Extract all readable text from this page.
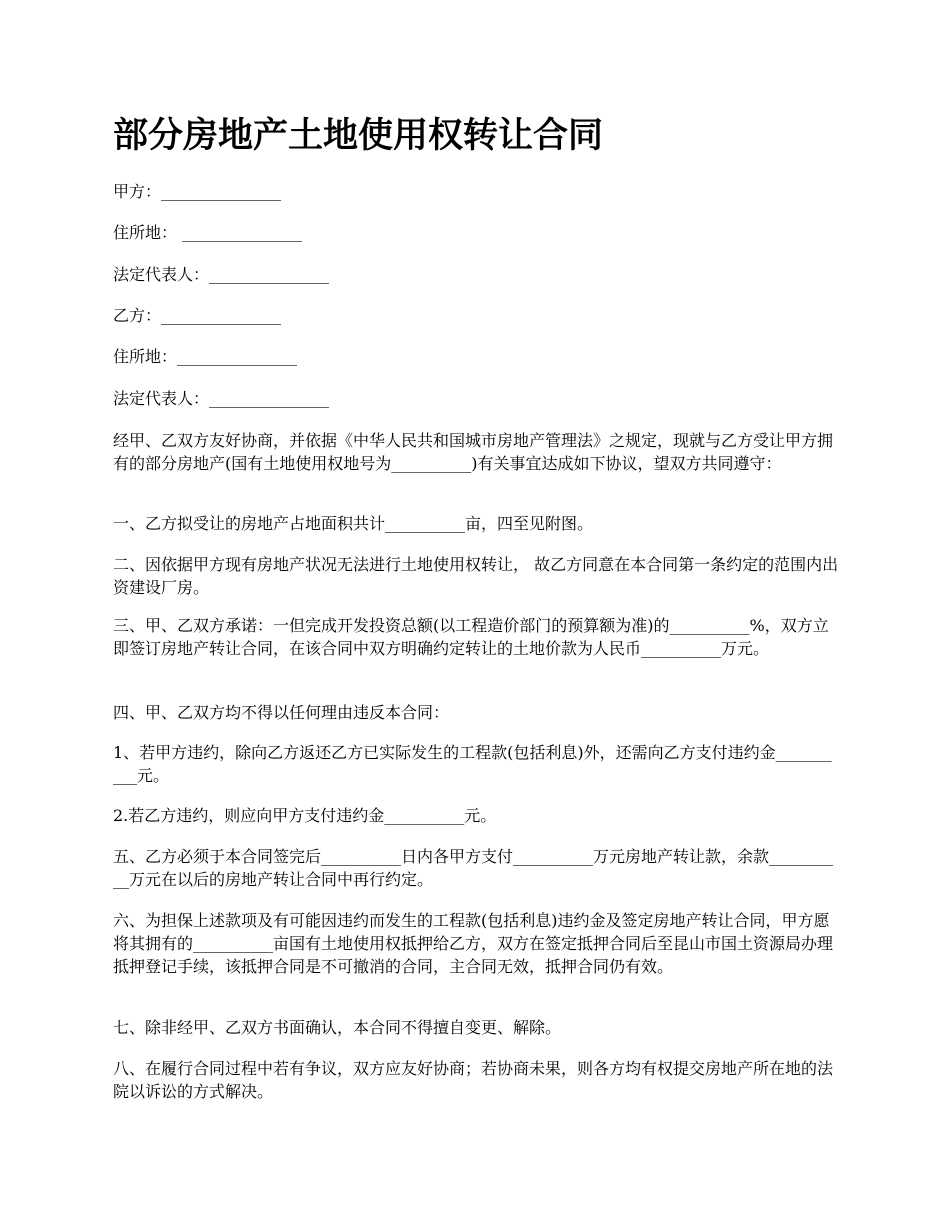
部分房地产土地使用权转让合同

甲方：_______________

住所地： _______________

法定代表人：_______________

乙方：_______________

住所地：_______________

法定代表人：_______________

经甲、乙双方友好协商，并依据《中华人民共和国城市房地产管理法》之规定，现就与乙方受让甲方拥有的部分房地产(国有土地使用权地号为__________)有关事宜达成如下协议，望双方共同遵守：

一、乙方拟受让的房地产占地面积共计__________亩，四至见附图。

二、因依据甲方现有房地产状况无法进行土地使用权转让， 故乙方同意在本合同第一条约定的范围内出资建设厂房。

三、甲、乙双方承诺：一但完成开发投资总额(以工程造价部门的预算额为准)的__________%，双方立即签订房地产转让合同，在该合同中双方明确约定转让的土地价款为人民币__________万元。

四、甲、乙双方均不得以任何理由违反本合同：

1、若甲方违约，除向乙方返还乙方已实际发生的工程款(包括利息)外，还需向乙方支付违约金__________元。

2.若乙方违约，则应向甲方支付违约金__________元。

五、乙方必须于本合同签完后__________日内各甲方支付__________万元房地产转让款，余款__________万元在以后的房地产转让合同中再行约定。

六、为担保上述款项及有可能因违约而发生的工程款(包括利息)违约金及签定房地产转让合同，甲方愿将其拥有的__________亩国有土地使用权抵押给乙方，双方在签定抵押合同后至昆山市国土资源局办理抵押登记手续，该抵押合同是不可撤消的合同，主合同无效，抵押合同仍有效。

七、除非经甲、乙双方书面确认，本合同不得擅自变更、解除。

八、在履行合同过程中若有争议，双方应友好协商；若协商未果，则各方均有权提交房地产所在地的法院以诉讼的方式解决。
